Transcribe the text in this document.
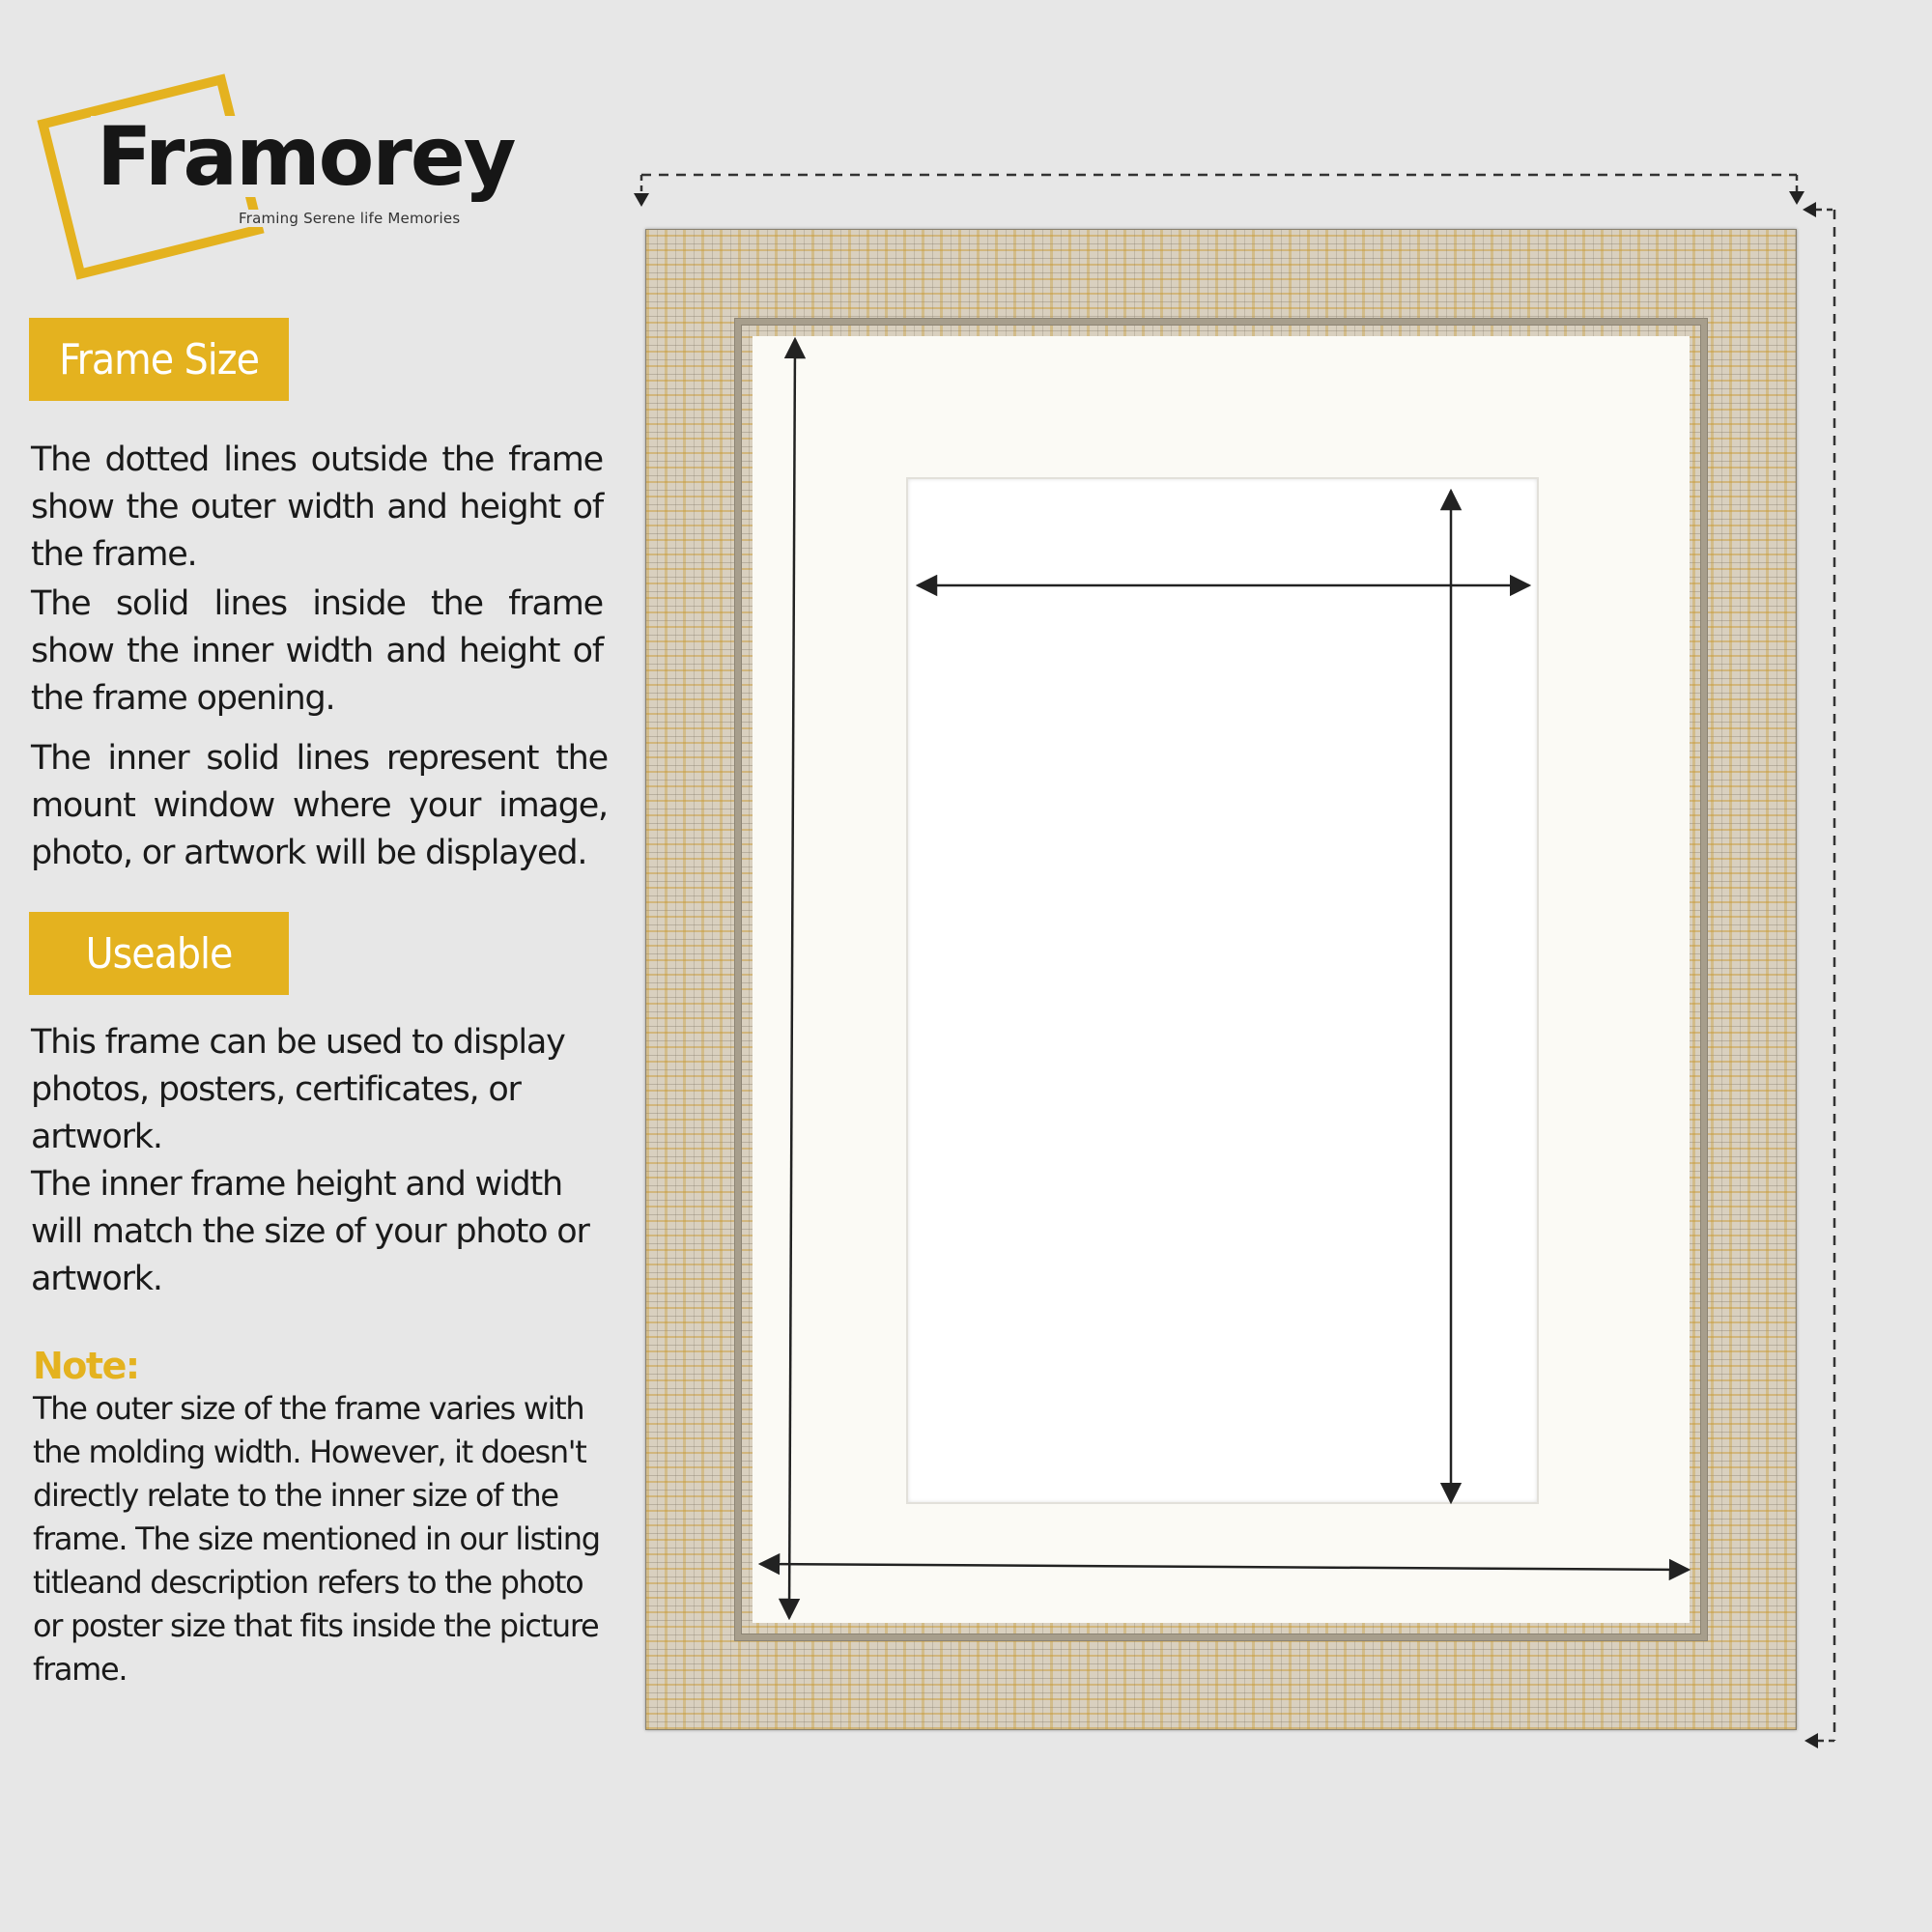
Framorey
Framing Serene life Memories
Frame Size
The dotted lines outside the frame show the outer width and height of the frame.
The solid lines inside the frame show the inner width and height of the frame opening.
The inner solid lines represent the mount window where your image, photo, or artwork will be displayed.
Useable
This frame can be used to display photos, posters, certificates, or artwork.
The inner frame height and width will match the size of your photo or artwork.
Note:
The outer size of the frame varies with the molding width. However, it doesn't directly relate to the inner size of the frame. The size mentioned in our listing titleand description refers to the photo or poster size that fits inside the picture frame.
